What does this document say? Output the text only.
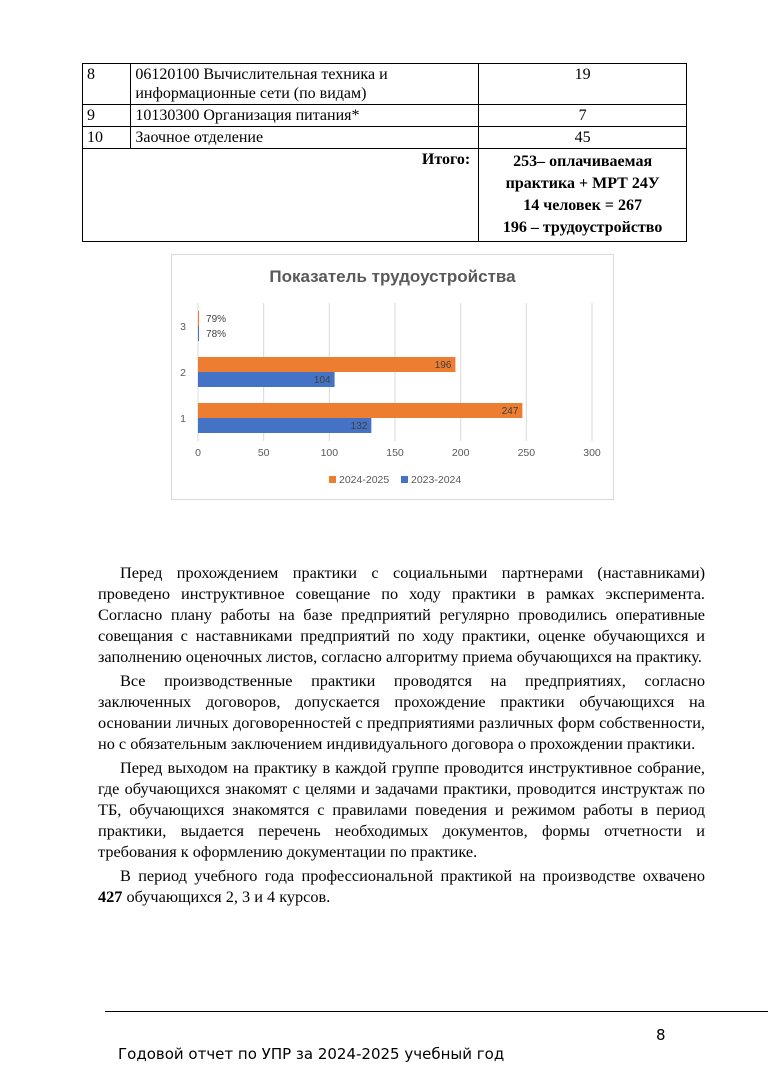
8	06120100 Вычислительная техника и
информационные сети (по видам)	19
9	10130300 Организация питания*	7
10	Заочное отделение	45
Итого:		253– оплачиваемая
практика + МРТ 24У
14 человек = 267
196 – трудоустройство
Показатель трудоустройства
0	50	100	150	200	250	300
1
247
132
2
196
104
3
79%
78%
2024-2025 2023-2024

Перед прохождением практики с социальными партнерами (наставниками) проведено инструктивное совещание по ходу практики в рамках эксперимента. Согласно плану работы на базе предприятий регулярно проводились оперативные совещания с наставниками предприятий по ходу практики, оценке обучающихся и заполнению оценочных листов, согласно алгоритму приема обучающихся на практику.

Все производственные практики проводятся на предприятиях, согласно заключенных договоров, допускается прохождение практики обучающихся на основании личных договоренностей с предприятиями различных форм собственности, но с обязательным заключением индивидуального договора о прохождении практики.

Перед выходом на практику в каждой группе проводится инструктивное собрание, где обучающихся знакомят с целями и задачами практики, проводится инструктаж по ТБ, обучающихся знакомятся с правилами поведения и режимом работы в период практики, выдается перечень необходимых документов, формы отчетности и требования к оформлению документации по практике.

В период учебного года профессиональной практикой на производстве охвачено 427 обучающихся 2, 3 и 4 курсов.

8
Годовой отчет по УПР за 2024-2025 учебный год
